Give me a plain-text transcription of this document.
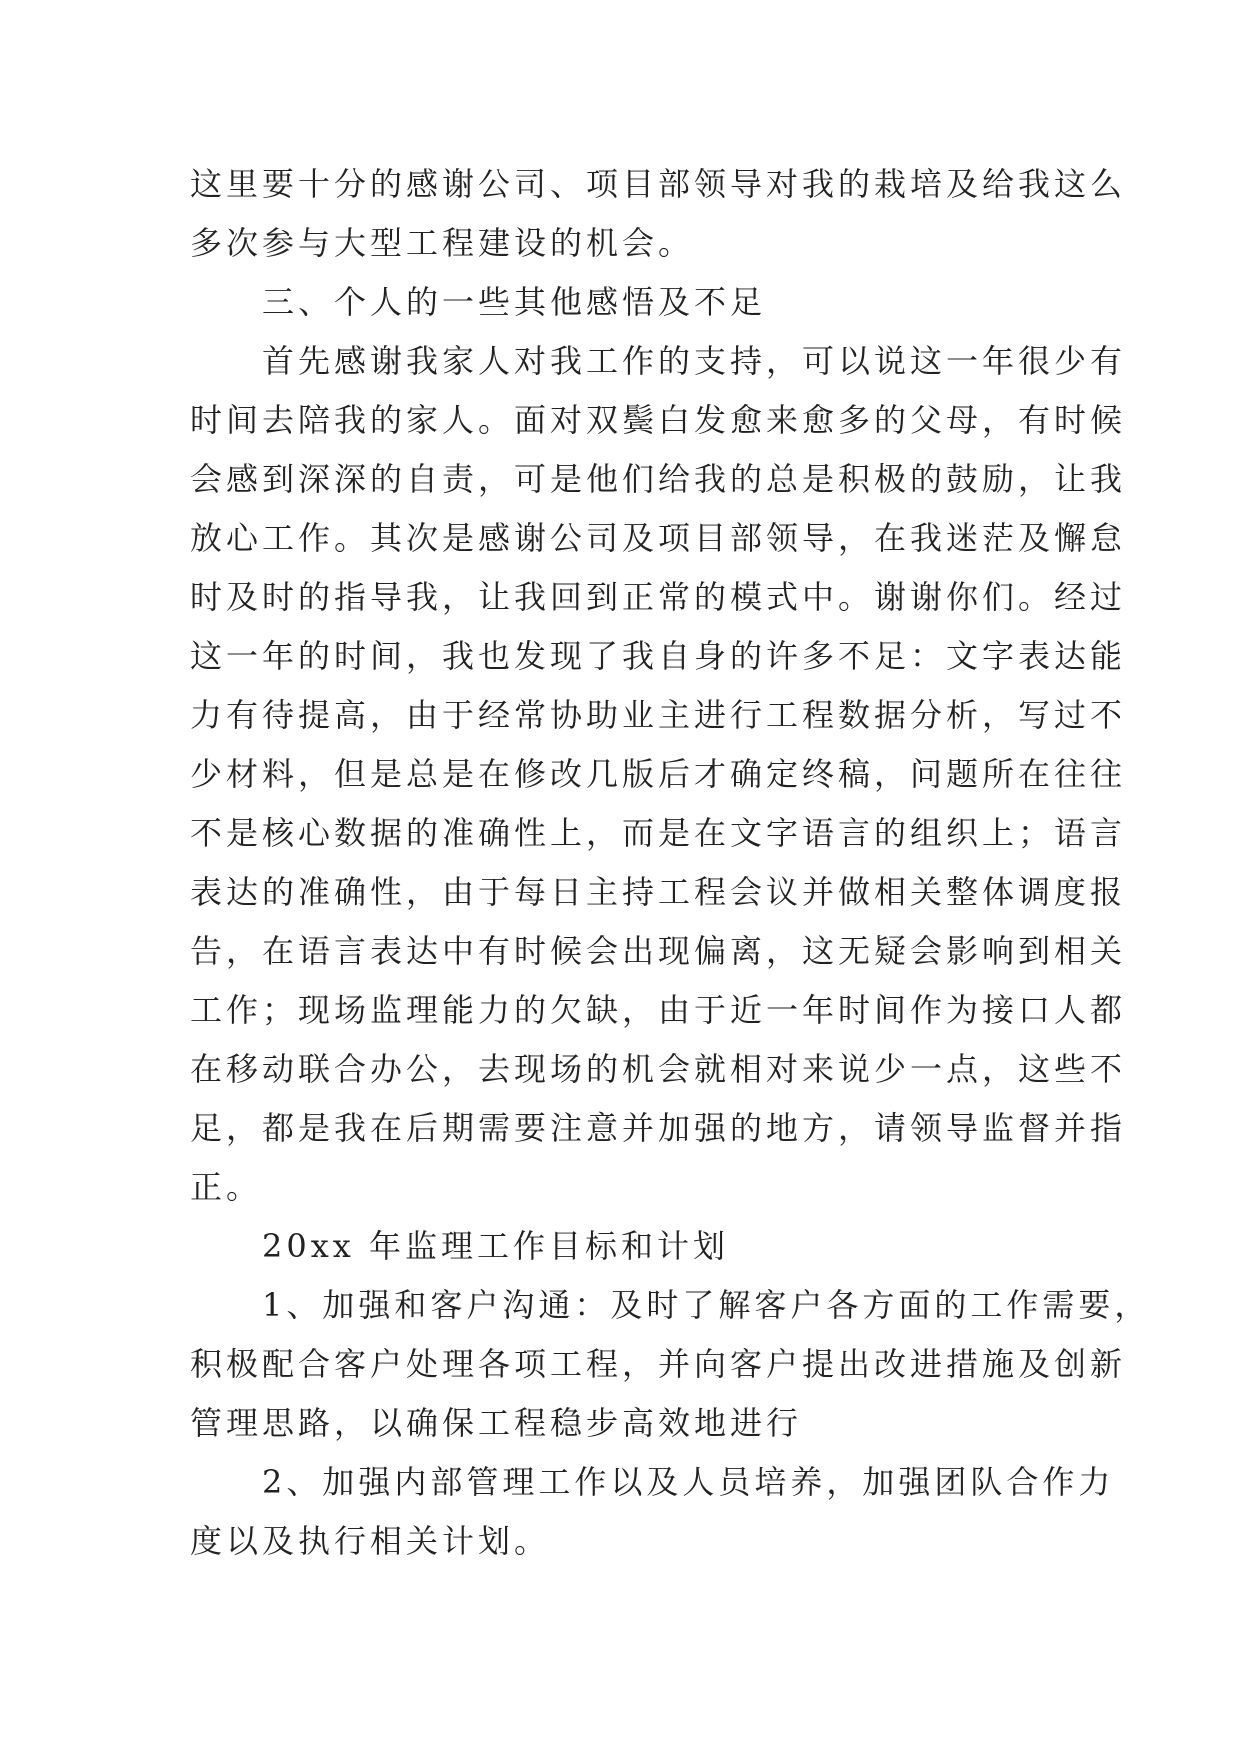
这里要十分的感谢公司、项目部领导对我的栽培及给我这么
多次参与大型工程建设的机会。
　　三、个人的一些其他感悟及不足
　　首先感谢我家人对我工作的支持，可以说这一年很少有
时间去陪我的家人。面对双鬓白发愈来愈多的父母，有时候
会感到深深的自责，可是他们给我的总是积极的鼓励，让我
放心工作。其次是感谢公司及项目部领导，在我迷茫及懈怠
时及时的指导我，让我回到正常的模式中。谢谢你们。经过
这一年的时间，我也发现了我自身的许多不足：文字表达能
力有待提高，由于经常协助业主进行工程数据分析，写过不
少材料，但是总是在修改几版后才确定终稿，问题所在往往
不是核心数据的准确性上，而是在文字语言的组织上；语言
表达的准确性，由于每日主持工程会议并做相关整体调度报
告，在语言表达中有时候会出现偏离，这无疑会影响到相关
工作；现场监理能力的欠缺，由于近一年时间作为接口人都
在移动联合办公，去现场的机会就相对来说少一点，这些不
足，都是我在后期需要注意并加强的地方，请领导监督并指
正。
　　20xx 年监理工作目标和计划
　　1、加强和客户沟通：及时了解客户各方面的工作需要，
积极配合客户处理各项工程，并向客户提出改进措施及创新
管理思路，以确保工程稳步高效地进行
　　2、加强内部管理工作以及人员培养，加强团队合作力
度以及执行相关计划。
